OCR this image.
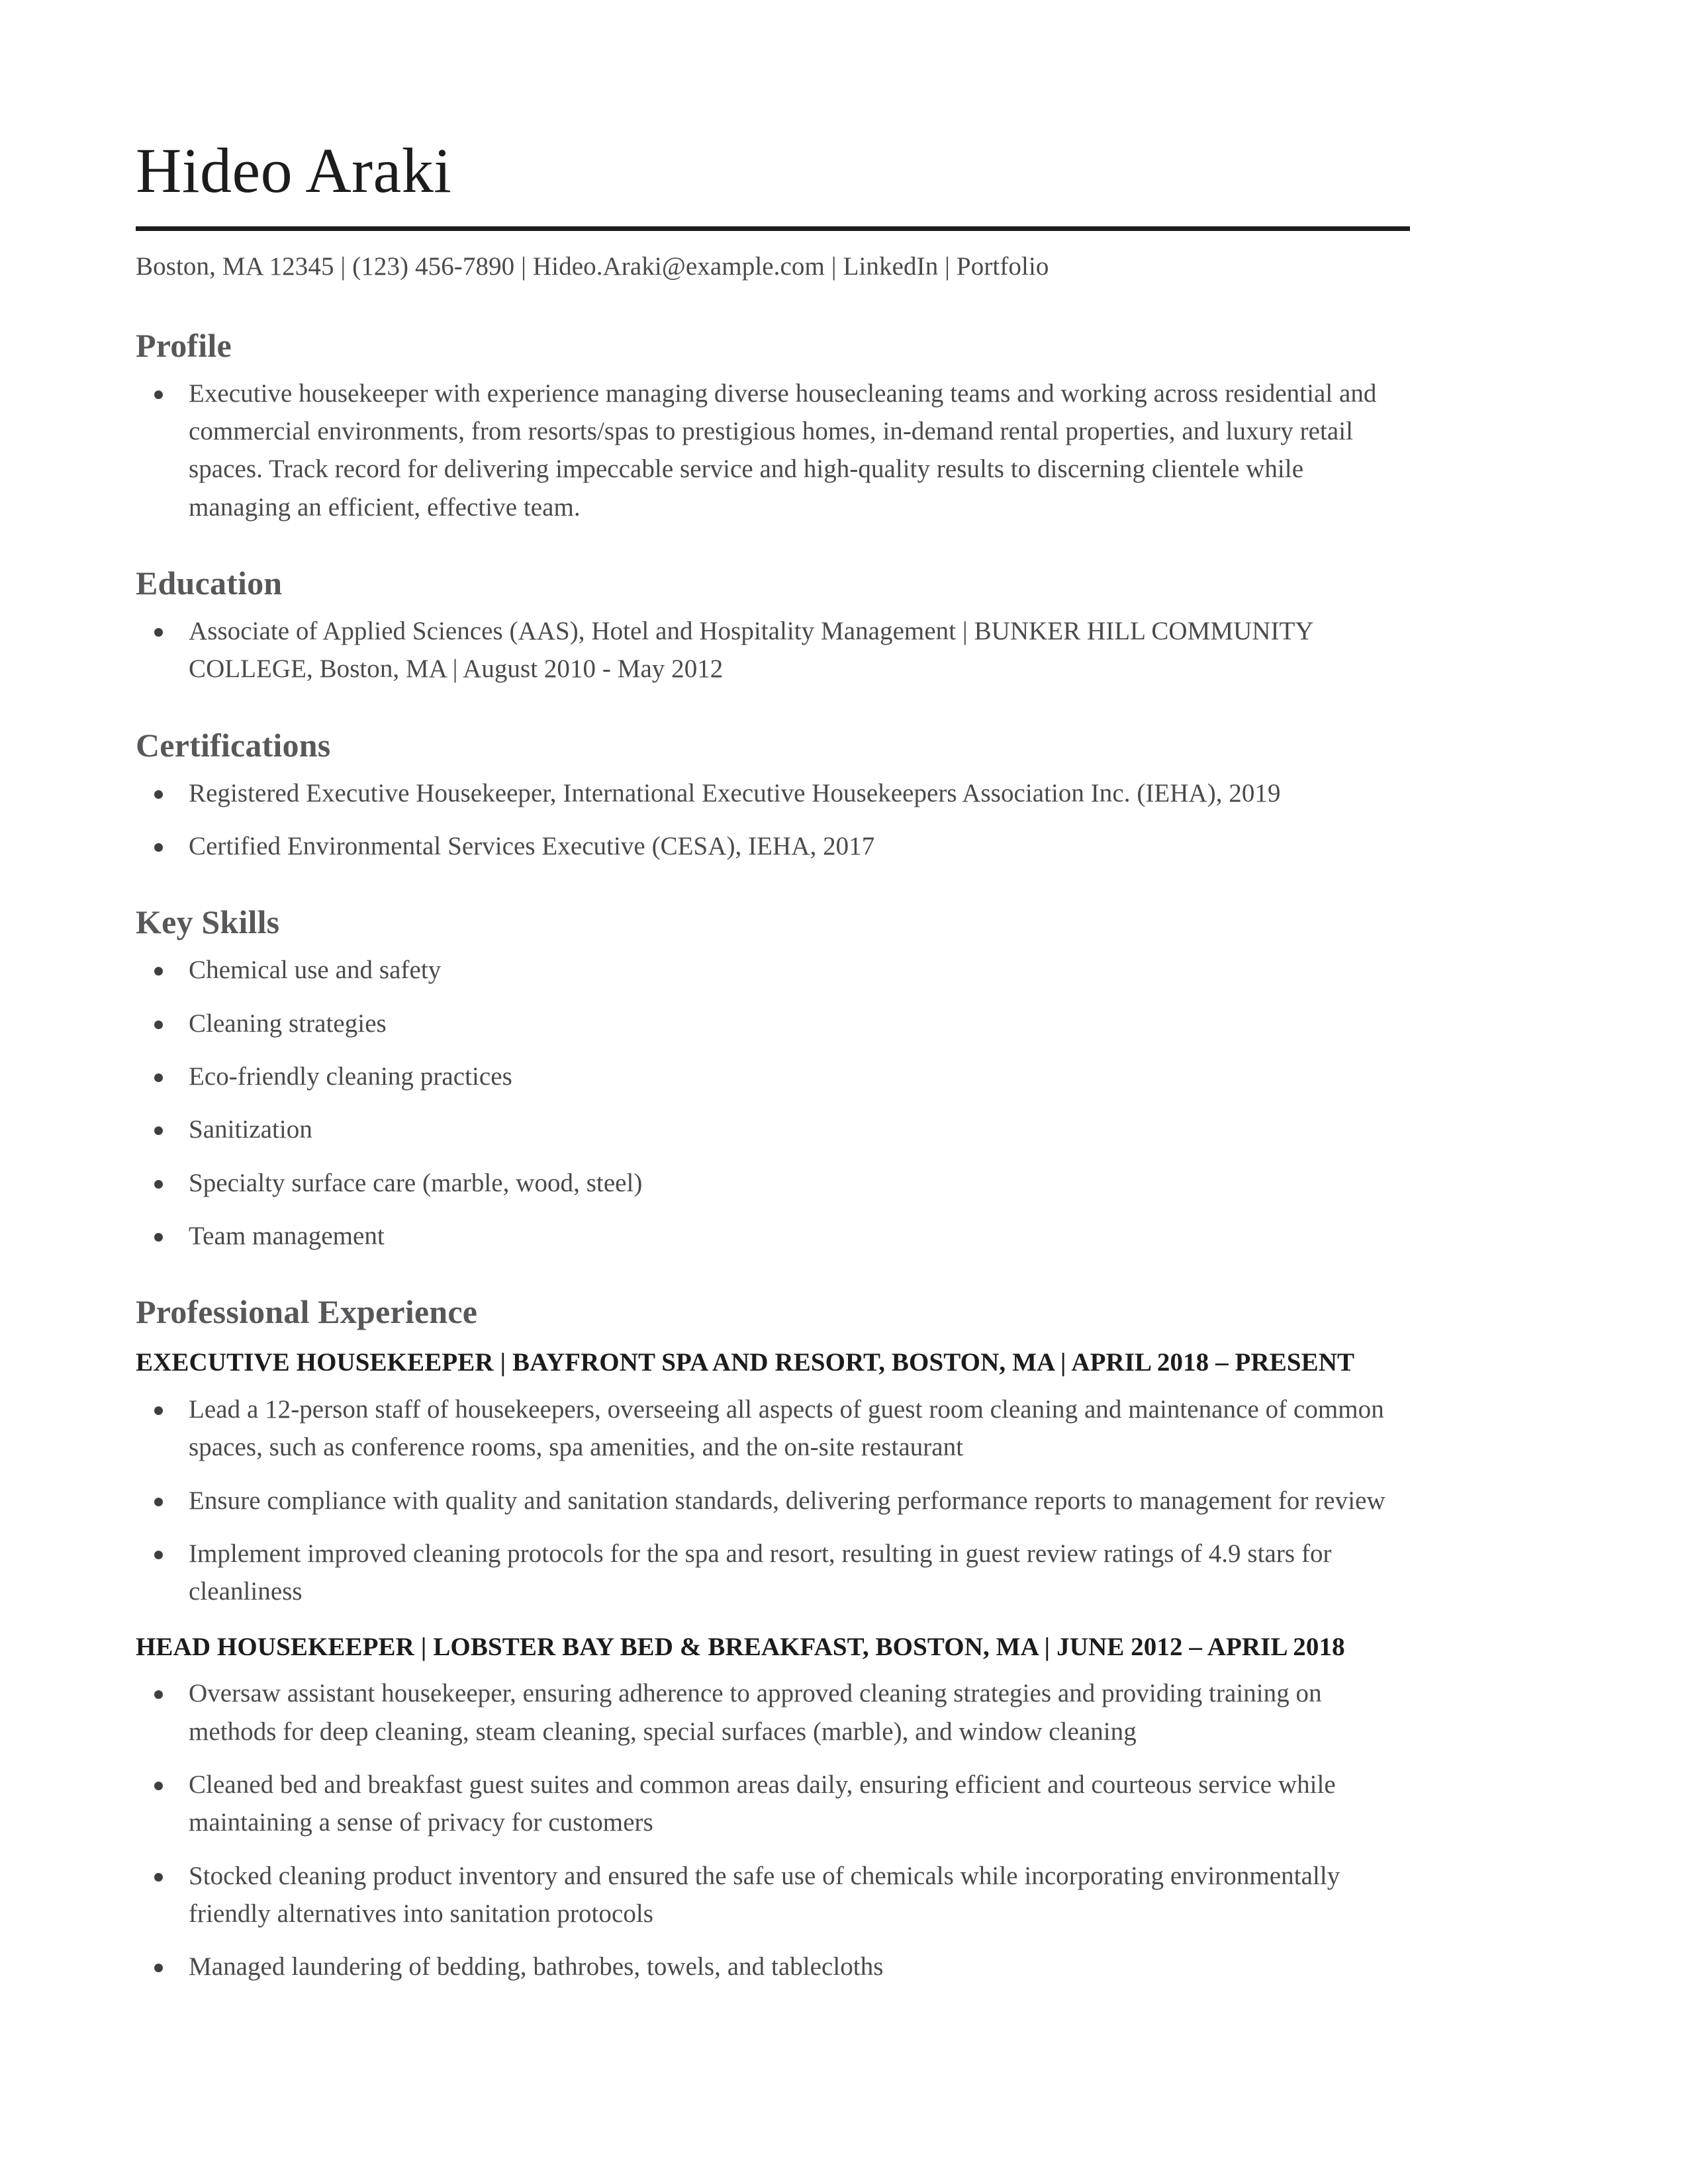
Hideo Araki
Boston, MA 12345 | (123) 456-7890 | Hideo.Araki@example.com | LinkedIn | Portfolio
Profile
Executive housekeeper with experience managing diverse housecleaning teams and working across residential and commercial environments, from resorts/spas to prestigious homes, in-demand rental properties, and luxury retail spaces. Track record for delivering impeccable service and high-quality results to discerning clientele while managing an efficient, effective team.
Education
Associate of Applied Sciences (AAS), Hotel and Hospitality Management | BUNKER HILL COMMUNITY COLLEGE, Boston, MA | August 2010 - May 2012
Certifications
Registered Executive Housekeeper, International Executive Housekeepers Association Inc. (IEHA), 2019
Certified Environmental Services Executive (CESA), IEHA, 2017
Key Skills
Chemical use and safety
Cleaning strategies
Eco-friendly cleaning practices
Sanitization
Specialty surface care (marble, wood, steel)
Team management
Professional Experience
EXECUTIVE HOUSEKEEPER | BAYFRONT SPA AND RESORT, BOSTON, MA | APRIL 2018 – PRESENT
Lead a 12-person staff of housekeepers, overseeing all aspects of guest room cleaning and maintenance of common spaces, such as conference rooms, spa amenities, and the on-site restaurant
Ensure compliance with quality and sanitation standards, delivering performance reports to management for review
Implement improved cleaning protocols for the spa and resort, resulting in guest review ratings of 4.9 stars for cleanliness
HEAD HOUSEKEEPER | LOBSTER BAY BED & BREAKFAST, BOSTON, MA | JUNE 2012 – APRIL 2018
Oversaw assistant housekeeper, ensuring adherence to approved cleaning strategies and providing training on methods for deep cleaning, steam cleaning, special surfaces (marble), and window cleaning
Cleaned bed and breakfast guest suites and common areas daily, ensuring efficient and courteous service while maintaining a sense of privacy for customers
Stocked cleaning product inventory and ensured the safe use of chemicals while incorporating environmentally friendly alternatives into sanitation protocols
Managed laundering of bedding, bathrobes, towels, and tablecloths
